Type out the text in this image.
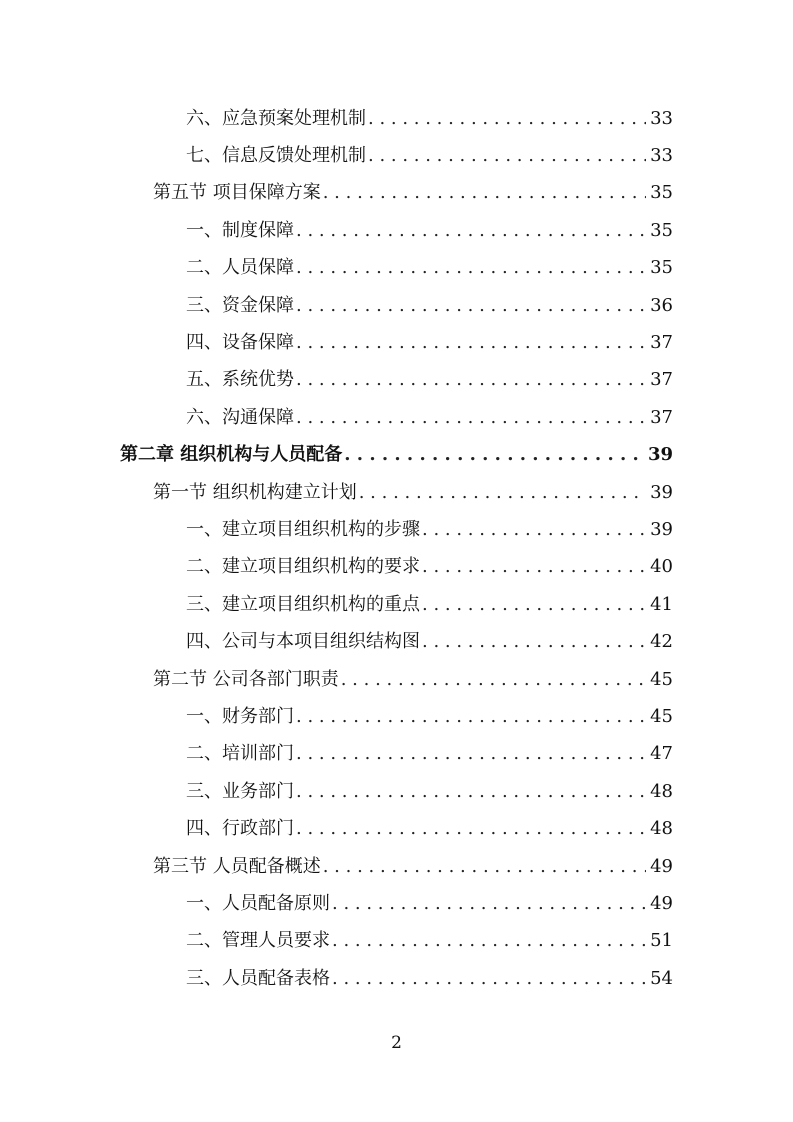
六、应急预案处理机制 . . .	33
七、信息反馈处理机制 . . .	33
第五节 项目保障方案 . . .	35
一、制度保障 . . .	35
二、人员保障 . . .	35
三、资金保障 . . .	36
四、设备保障 . . .	37
五、系统优势 . . .	37
六、沟通保障 . . .	37
第二章 组织机构与人员配备 . . .	39
第一节 组织机构建立计划 . . .	39
一、建立项目组织机构的步骤 . . .	39
二、建立项目组织机构的要求 . . .	40
三、建立项目组织机构的重点 . . .	41
四、公司与本项目组织结构图 . . .	42
第二节 公司各部门职责 . . .	45
一、财务部门 . . .	45
二、培训部门 . . .	47
三、业务部门 . . .	48
四、行政部门 . . .	48
第三节 人员配备概述 . . .	49
一、人员配备原则 . . .	49
二、管理人员要求 . . .	51
三、人员配备表格 . . .	54
2
